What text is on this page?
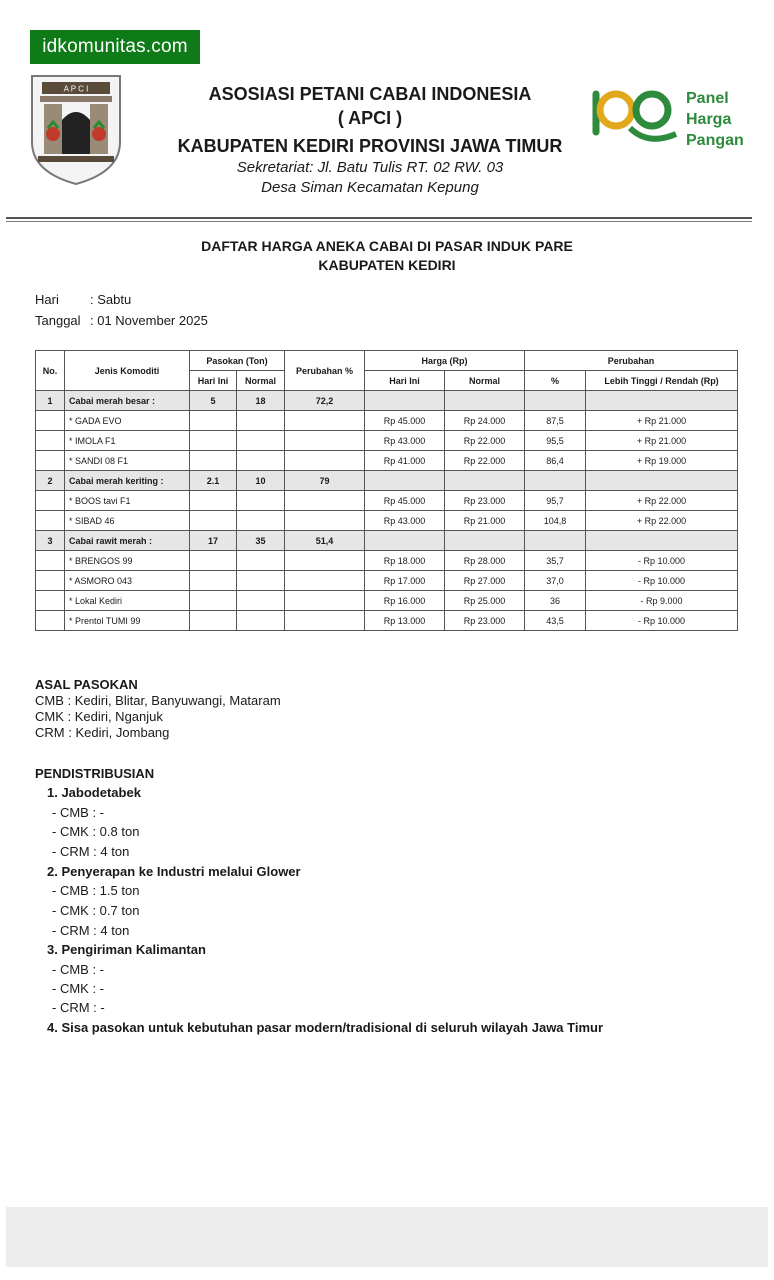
idkomunitas.com
A P C I	ASOSIASI PETANI CABAI INDONESIA
( APCI )
KABUPATEN KEDIRI PROVINSI JAWA TIMUR
Sekretariat: Jl. Batu Tulis RT. 02 RW. 03
Desa Siman Kecamatan Kepung
Panel
Harga
Pangan
DAFTAR HARGA ANEKA CABAI DI PASAR INDUK PARE
KABUPATEN KEDIRI
Hari : Sabtu
Tanggal : 01 November 2025
No.	Jenis Komoditi	Pasokan (Ton)		Perubahan %	Harga (Rp)		Perubahan	
		Hari Ini	Normal		Hari Ini	Normal	%	Lebih Tinggi / Rendah (Rp)
1	Cabai merah besar :	5	18	72,2				
	* GADA EVO				Rp 45.000	Rp 24.000	87,5	+ Rp 21.000
	* IMOLA F1				Rp 43.000	Rp 22.000	95,5	+ Rp 21.000
	* SANDI 08 F1				Rp 41.000	Rp 22.000	86,4	+ Rp 19.000
2	Cabai merah keriting :	2.1	10	79				
	* BOOS tavi F1				Rp 45.000	Rp 23.000	95,7	+ Rp 22.000
	* SIBAD 46				Rp 43.000	Rp 21.000	104,8	+ Rp 22.000
3	Cabai rawit merah :	17	35	51,4				
	* BRENGOS 99				Rp 18.000	Rp 28.000	35,7	- Rp 10.000
	* ASMORO 043				Rp 17.000	Rp 27.000	37,0	- Rp 10.000
	* Lokal Kediri				Rp 16.000	Rp 25.000	36	- Rp 9.000
	* Prentol TUMI 99				Rp 13.000	Rp 23.000	43,5	- Rp 10.000
ASAL PASOKAN
CMB : Kediri, Blitar, Banyuwangi, Mataram
CMK : Kediri, Nganjuk
CRM : Kediri, Jombang
PENDISTRIBUSIAN
1. Jabodetabek
- CMB : -
- CMK : 0.8 ton
- CRM : 4 ton
2. Penyerapan ke Industri melalui Glower
- CMB : 1.5 ton
- CMK : 0.7 ton
- CRM : 4 ton
3. Pengiriman Kalimantan
- CMB : -
- CMK : -
- CRM : -
4. Sisa pasokan untuk kebutuhan pasar modern/tradisional di seluruh wilayah Jawa Timur
